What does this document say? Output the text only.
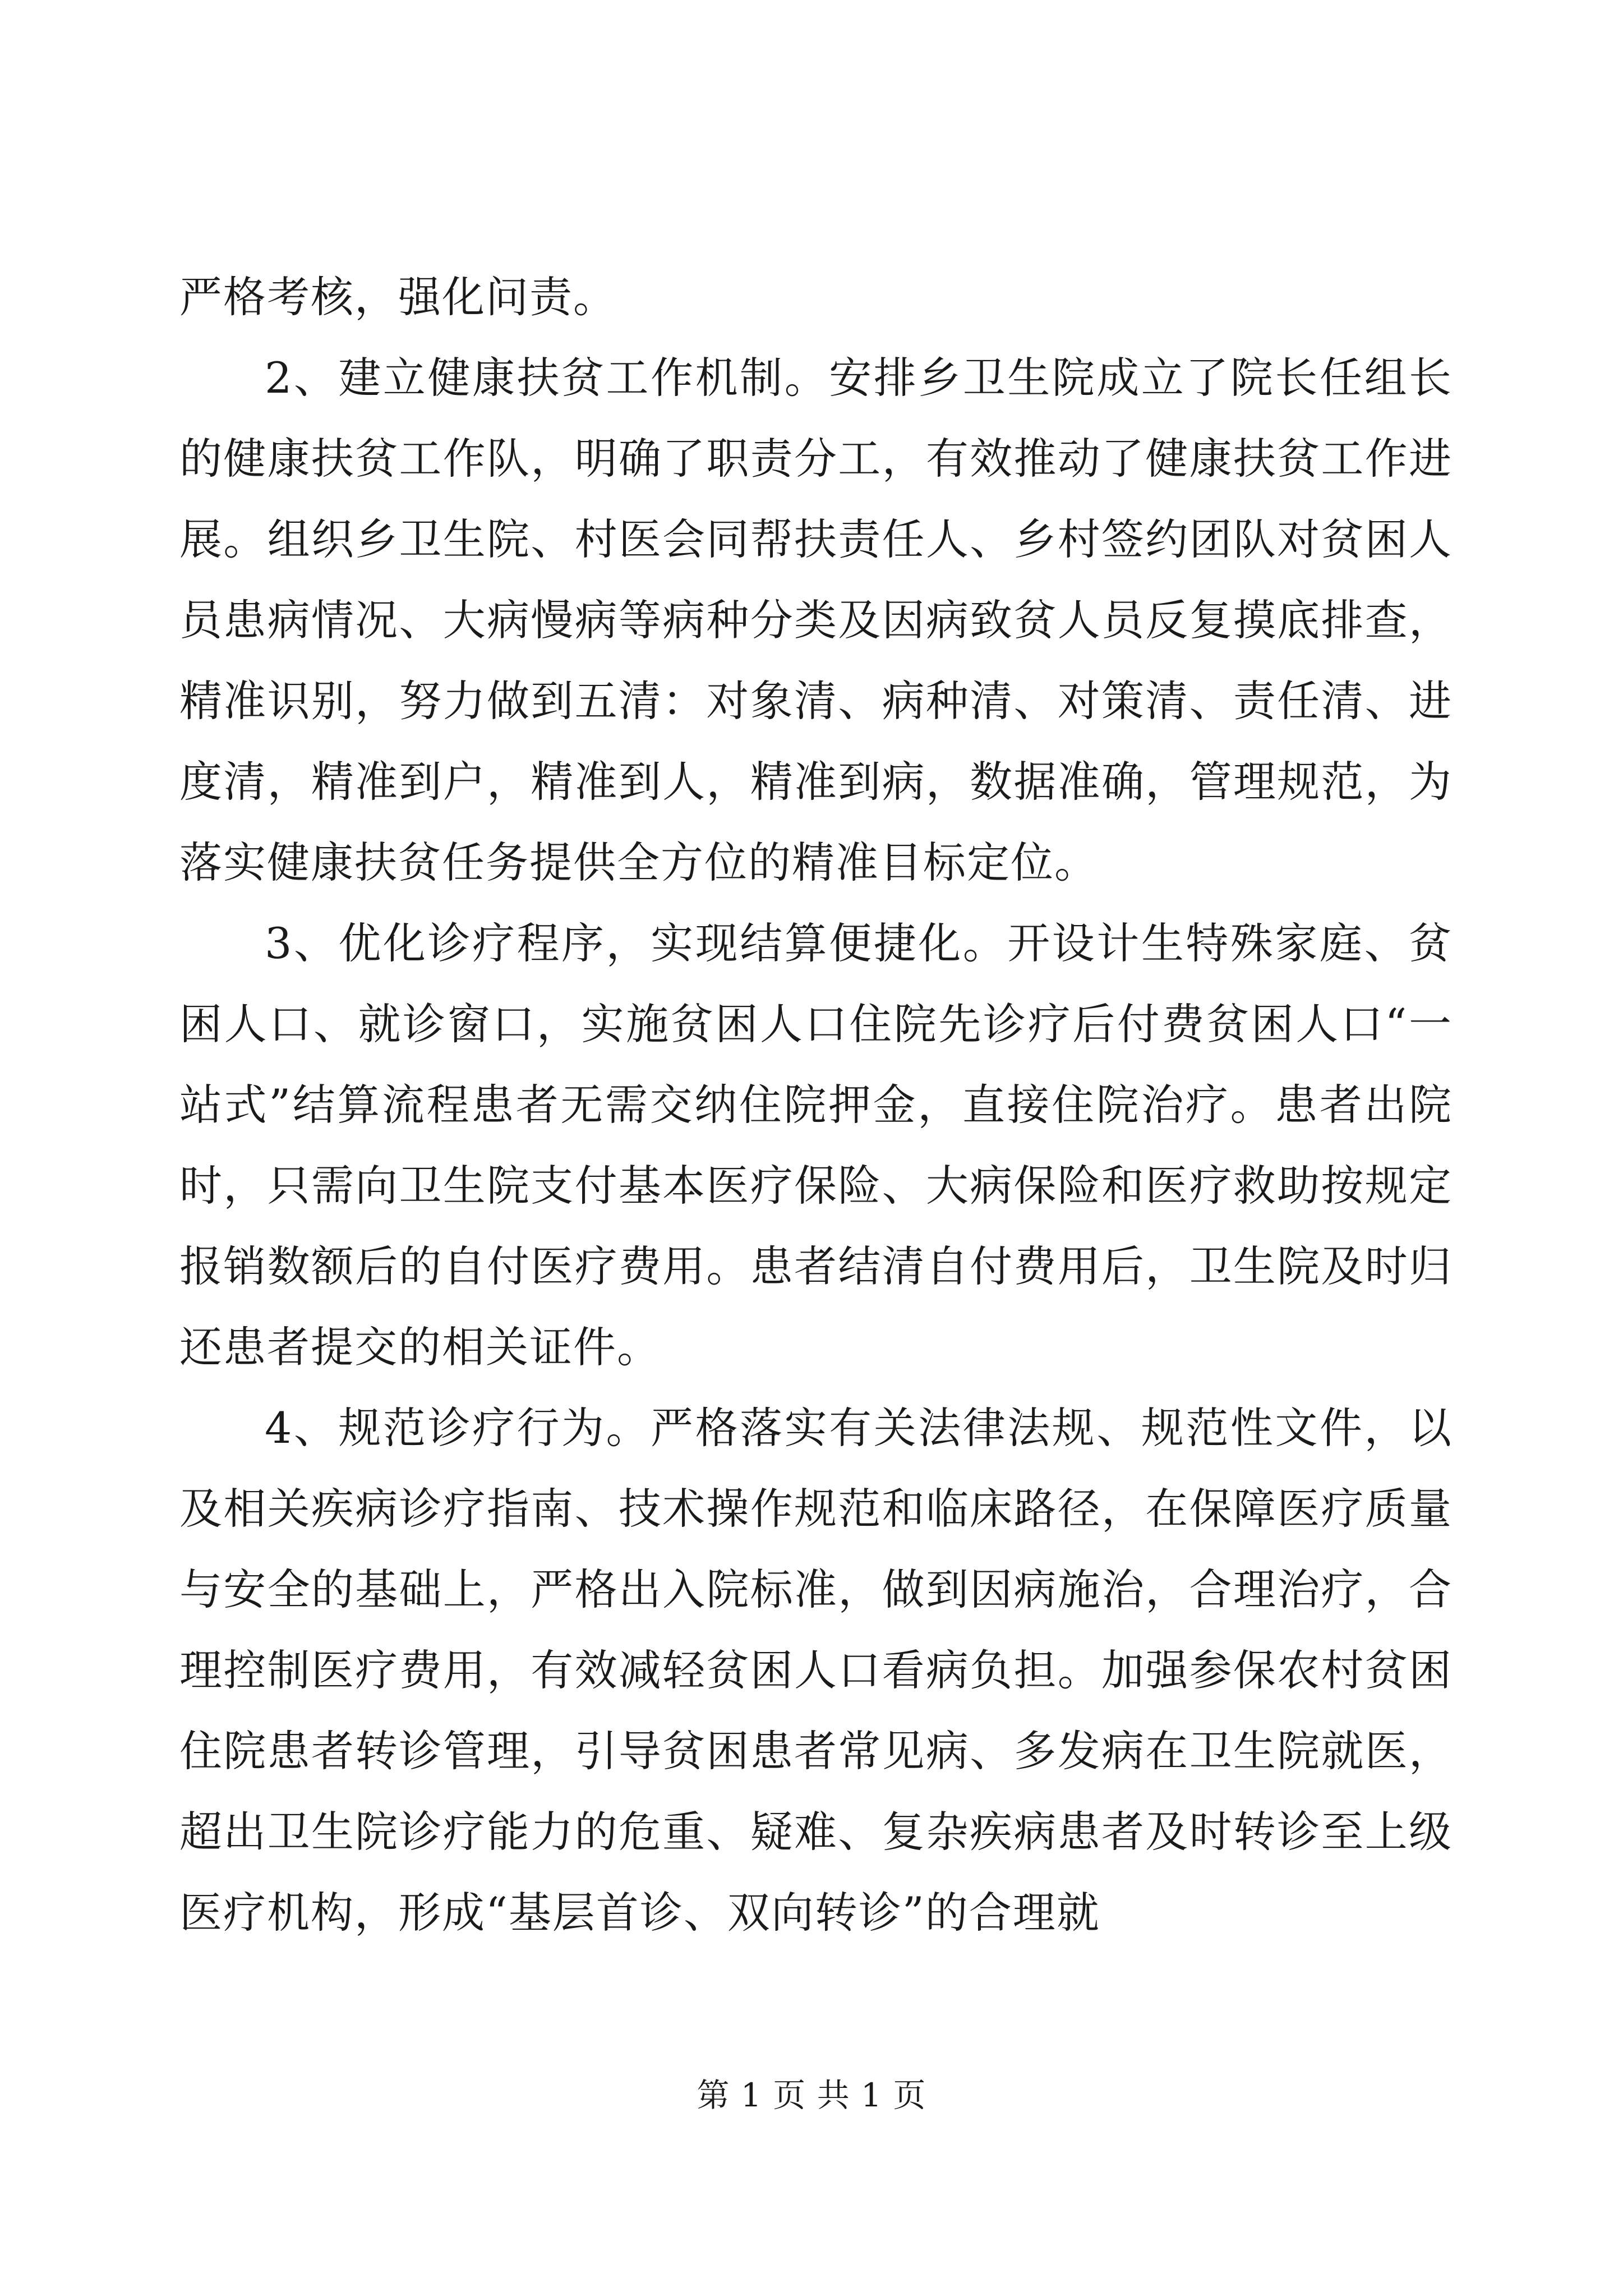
严格考核，强化问责。

2、建立健康扶贫工作机制。安排乡卫生院成立了院长任组长的健康扶贫工作队，明确了职责分工，有效推动了健康扶贫工作进展。组织乡卫生院、村医会同帮扶责任人、乡村签约团队对贫困人员患病情况、大病慢病等病种分类及因病致贫人员反复摸底排查，精准识别，努力做到五清：对象清、病种清、对策清、责任清、进度清，精准到户，精准到人，精准到病，数据准确，管理规范，为落实健康扶贫任务提供全方位的精准目标定位。

3、优化诊疗程序，实现结算便捷化。开设计生特殊家庭、贫困人口、就诊窗口，实施贫困人口住院先诊疗后付费贫困人口“一站式”结算流程患者无需交纳住院押金，直接住院治疗。患者出院时，只需向卫生院支付基本医疗保险、大病保险和医疗救助按规定报销数额后的自付医疗费用。患者结清自付费用后，卫生院及时归还患者提交的相关证件。

4、规范诊疗行为。严格落实有关法律法规、规范性文件，以及相关疾病诊疗指南、技术操作规范和临床路径，在保障医疗质量与安全的基础上，严格出入院标准，做到因病施治，合理治疗，合理控制医疗费用，有效减轻贫困人口看病负担。加强参保农村贫困住院患者转诊管理，引导贫困患者常见病、多发病在卫生院就医，超出卫生院诊疗能力的危重、疑难、复杂疾病患者及时转诊至上级医疗机构，形成“基层首诊、双向转诊”的合理就

第 1 页 共 1 页
